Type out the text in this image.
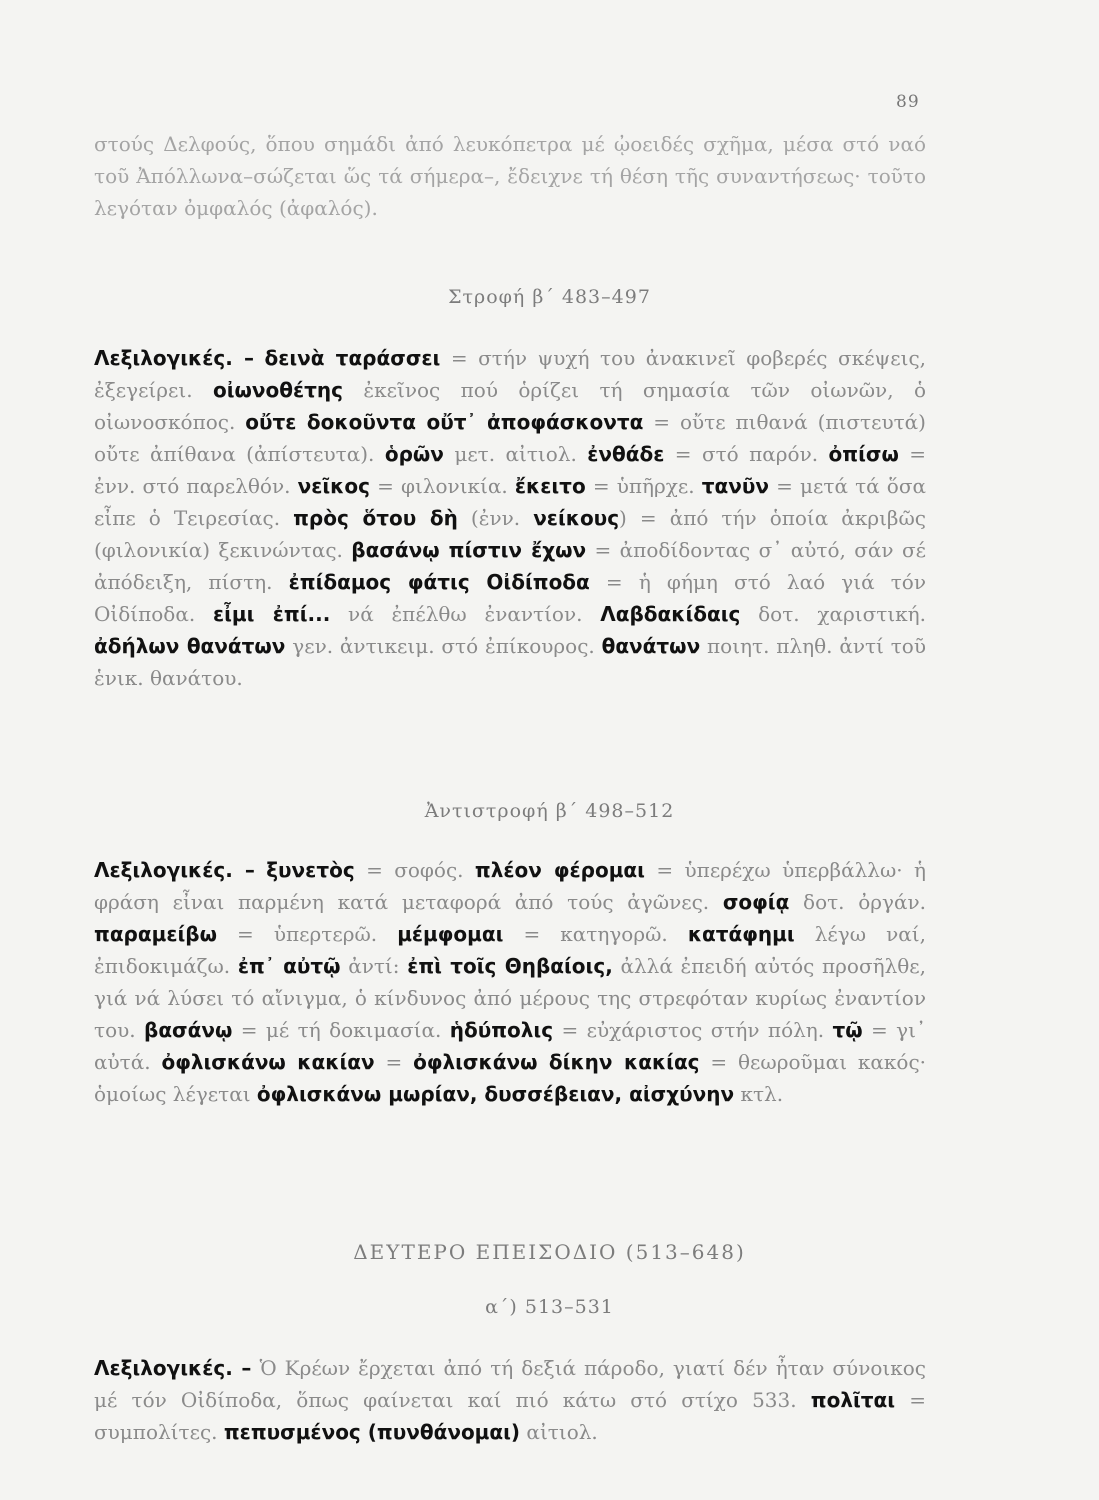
89

στούς Δελφούς, ὅπου σημάδι ἀπό λευκόπετρα μέ ᾠοειδές σχῆμα, μέσα στό ναό τοῦ Ἀπόλλωνα–σώζεται ὥς τά σήμερα–, ἔδειχνε τή θέση τῆς συναντήσεως· τοῦτο λεγόταν ὀμφαλός (ἀφαλός).

Στροφή β΄ 483–497

Λεξιλογικές. – δεινὰ ταράσσει = στήν ψυχή του ἀνακινεῖ φοβερές σκέψεις, ἐξεγείρει. οἰωνοθέτης ἐκεῖνος πού ὁρίζει τή σημασία τῶν οἰωνῶν, ὁ οἰωνοσκόπος. οὔτε δοκοῦντα οὔτ᾽ ἀποφάσκοντα = οὔτε πιθανά (πιστευτά) οὔτε ἀπίθανα (ἀπίστευτα). ὁρῶν μετ. αἰτιολ. ἐνθάδε = στό παρόν. ὀπίσω = ἐνν. στό παρελθόν. νεῖκος = φιλονικία. ἔκειτο = ὑπῆρχε. τανῦν = μετά τά ὅσα εἶπε ὁ Τειρεσίας. πρὸς ὅτου δὴ (ἐνν. νείκους) = ἀπό τήν ὁποία ἀκριβῶς (φιλονικία) ξεκινώντας. βασάνῳ πίστιν ἔχων = ἀποδίδοντας σ᾽ αὐτό, σάν σέ ἀπόδειξη, πίστη. ἐπίδαμος φάτις Οἰδίποδα = ἡ φήμη στό λαό γιά τόν Οἰδίποδα. εἶμι ἐπί... νά ἐπέλθω ἐναντίον. Λαβδακίδαις δοτ. χαριστική. ἀδήλων θανάτων γεν. ἀντικειμ. στό ἐπίκουρος. θανάτων ποιητ. πληθ. ἀντί τοῦ ἑνικ. θανάτου.

Ἀντιστροφή β΄ 498–512

Λεξιλογικές. – ξυνετὸς = σοφός. πλέον φέρομαι = ὑπερέχω ὑπερβάλλω· ἡ φράση εἶναι παρμένη κατά μεταφορά ἀπό τούς ἀγῶνες. σοφίᾳ δοτ. ὀργάν. παραμείβω = ὑπερτερῶ. μέμφομαι = κατηγορῶ. κατάφημι λέγω ναί, ἐπιδοκιμάζω. ἐπ᾽ αὐτῷ ἀντί: ἐπὶ τοῖς Θηβαίοις, ἀλλά ἐπειδή αὐτός προσῆλθε, γιά νά λύσει τό αἴνιγμα, ὁ κίνδυνος ἀπό μέρους της στρεφόταν κυρίως ἐναντίον του. βασάνῳ = μέ τή δοκιμασία. ἡδύπολις = εὐχάριστος στήν πόλη. τῷ = γι᾽ αὐτά. ὀφλισκάνω κακίαν = ὀφλισκάνω δίκην κακίας = θεωροῦμαι κακός· ὁμοίως λέγεται ὀφλισκάνω μωρίαν, δυσσέβειαν, αἰσχύνην κτλ.

ΔΕΥΤΕΡΟ ΕΠΕΙΣΟΔΙΟ (513–648)
α΄) 513–531

Λεξιλογικές. – Ὁ Κρέων ἔρχεται ἀπό τή δεξιά πάροδο, γιατί δέν ἦταν σύνοικος μέ τόν Οἰδίποδα, ὅπως φαίνεται καί πιό κάτω στό στίχο 533. πολῖται = συμπολίτες. πεπυσμένος (πυνθάνομαι) αἰτιολ.
